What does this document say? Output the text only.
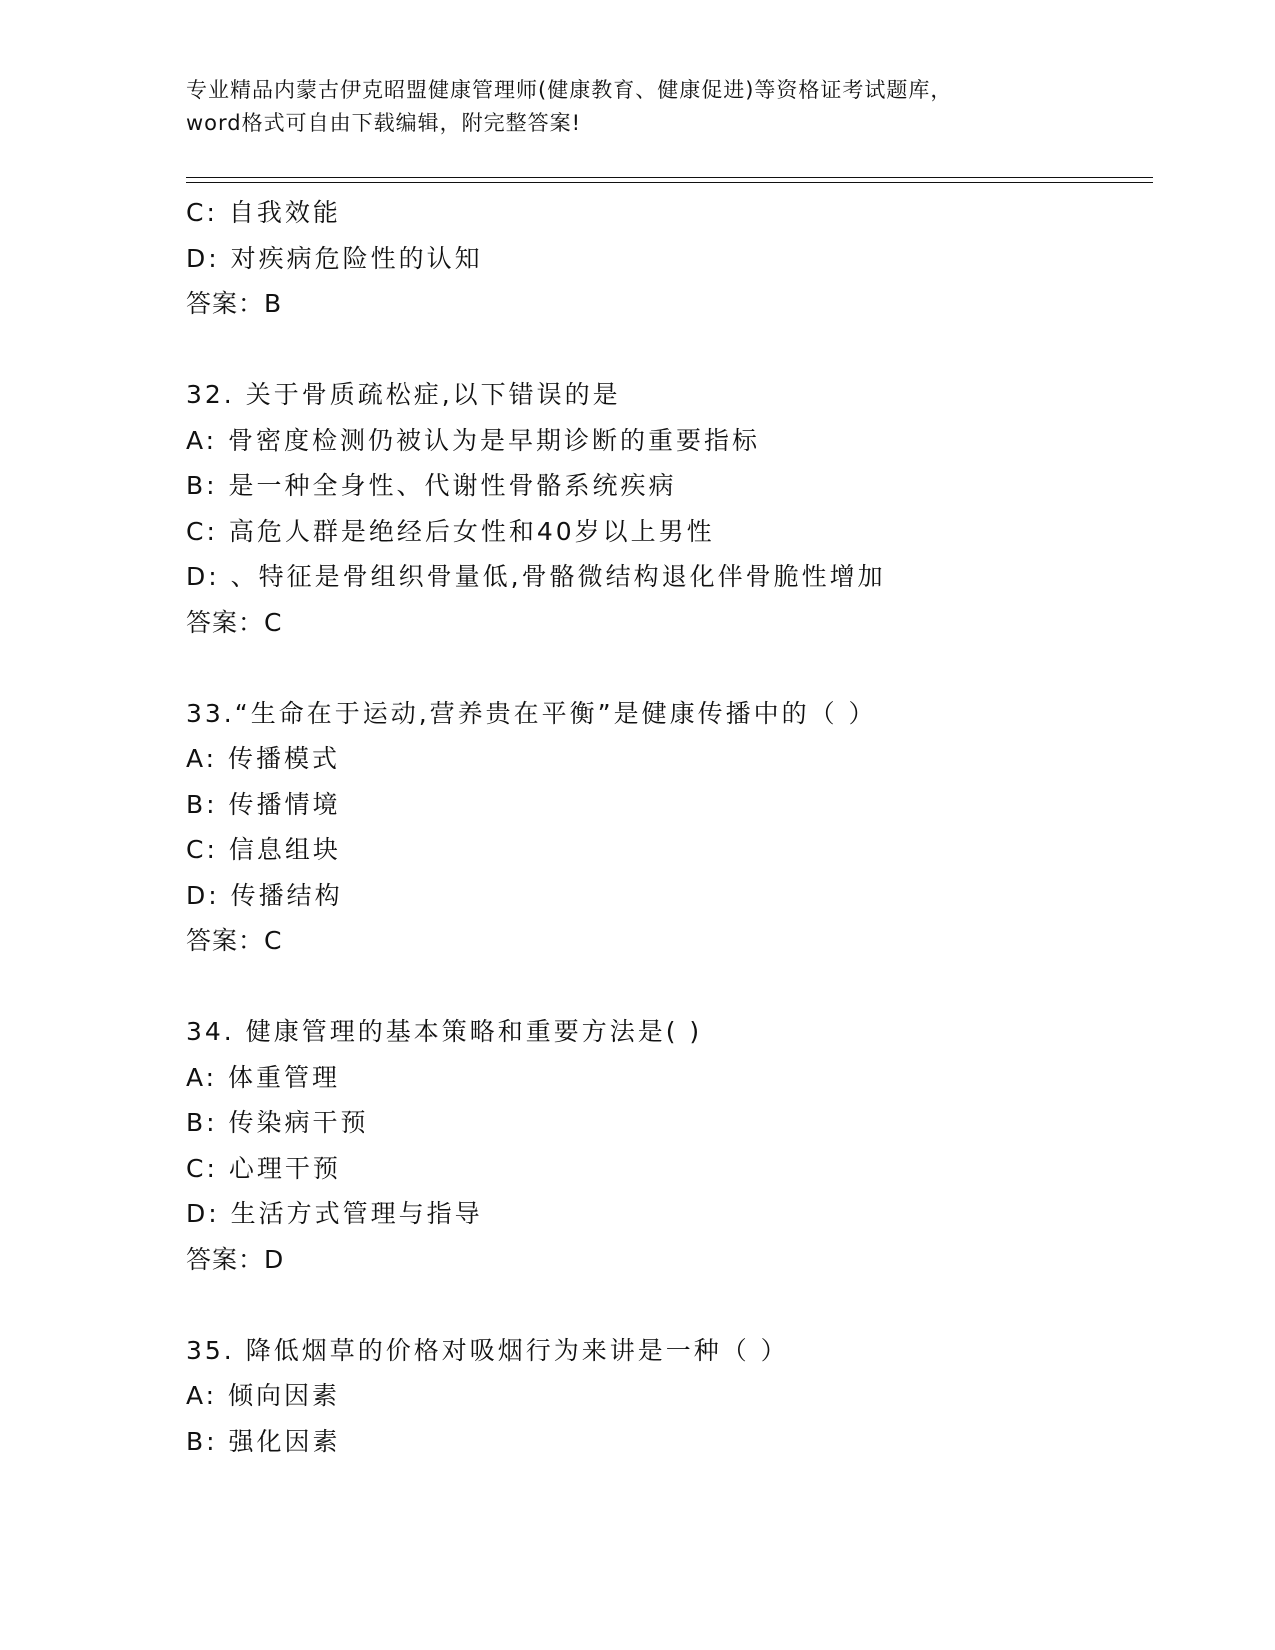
专业精品内蒙古伊克昭盟健康管理师(健康教育、健康促进)等资格证考试题库，

word格式可自由下载编辑，附完整答案!

C: 自我效能
D: 对疾病危险性的认知
答案：B
32. 关于骨质疏松症,以下错误的是
A: 骨密度检测仍被认为是早期诊断的重要指标
B: 是一种全身性、代谢性骨骼系统疾病
C: 高危人群是绝经后女性和40岁以上男性
D: 、特征是骨组织骨量低,骨骼微结构退化伴骨脆性增加
答案：C
33.“生命在于运动,营养贵在平衡”是健康传播中的（ ）
A: 传播模式
B: 传播情境
C: 信息组块
D: 传播结构
答案：C
34. 健康管理的基本策略和重要方法是( )
A: 体重管理
B: 传染病干预
C: 心理干预
D: 生活方式管理与指导
答案：D
35. 降低烟草的价格对吸烟行为来讲是一种（ ）
A: 倾向因素
B: 强化因素
